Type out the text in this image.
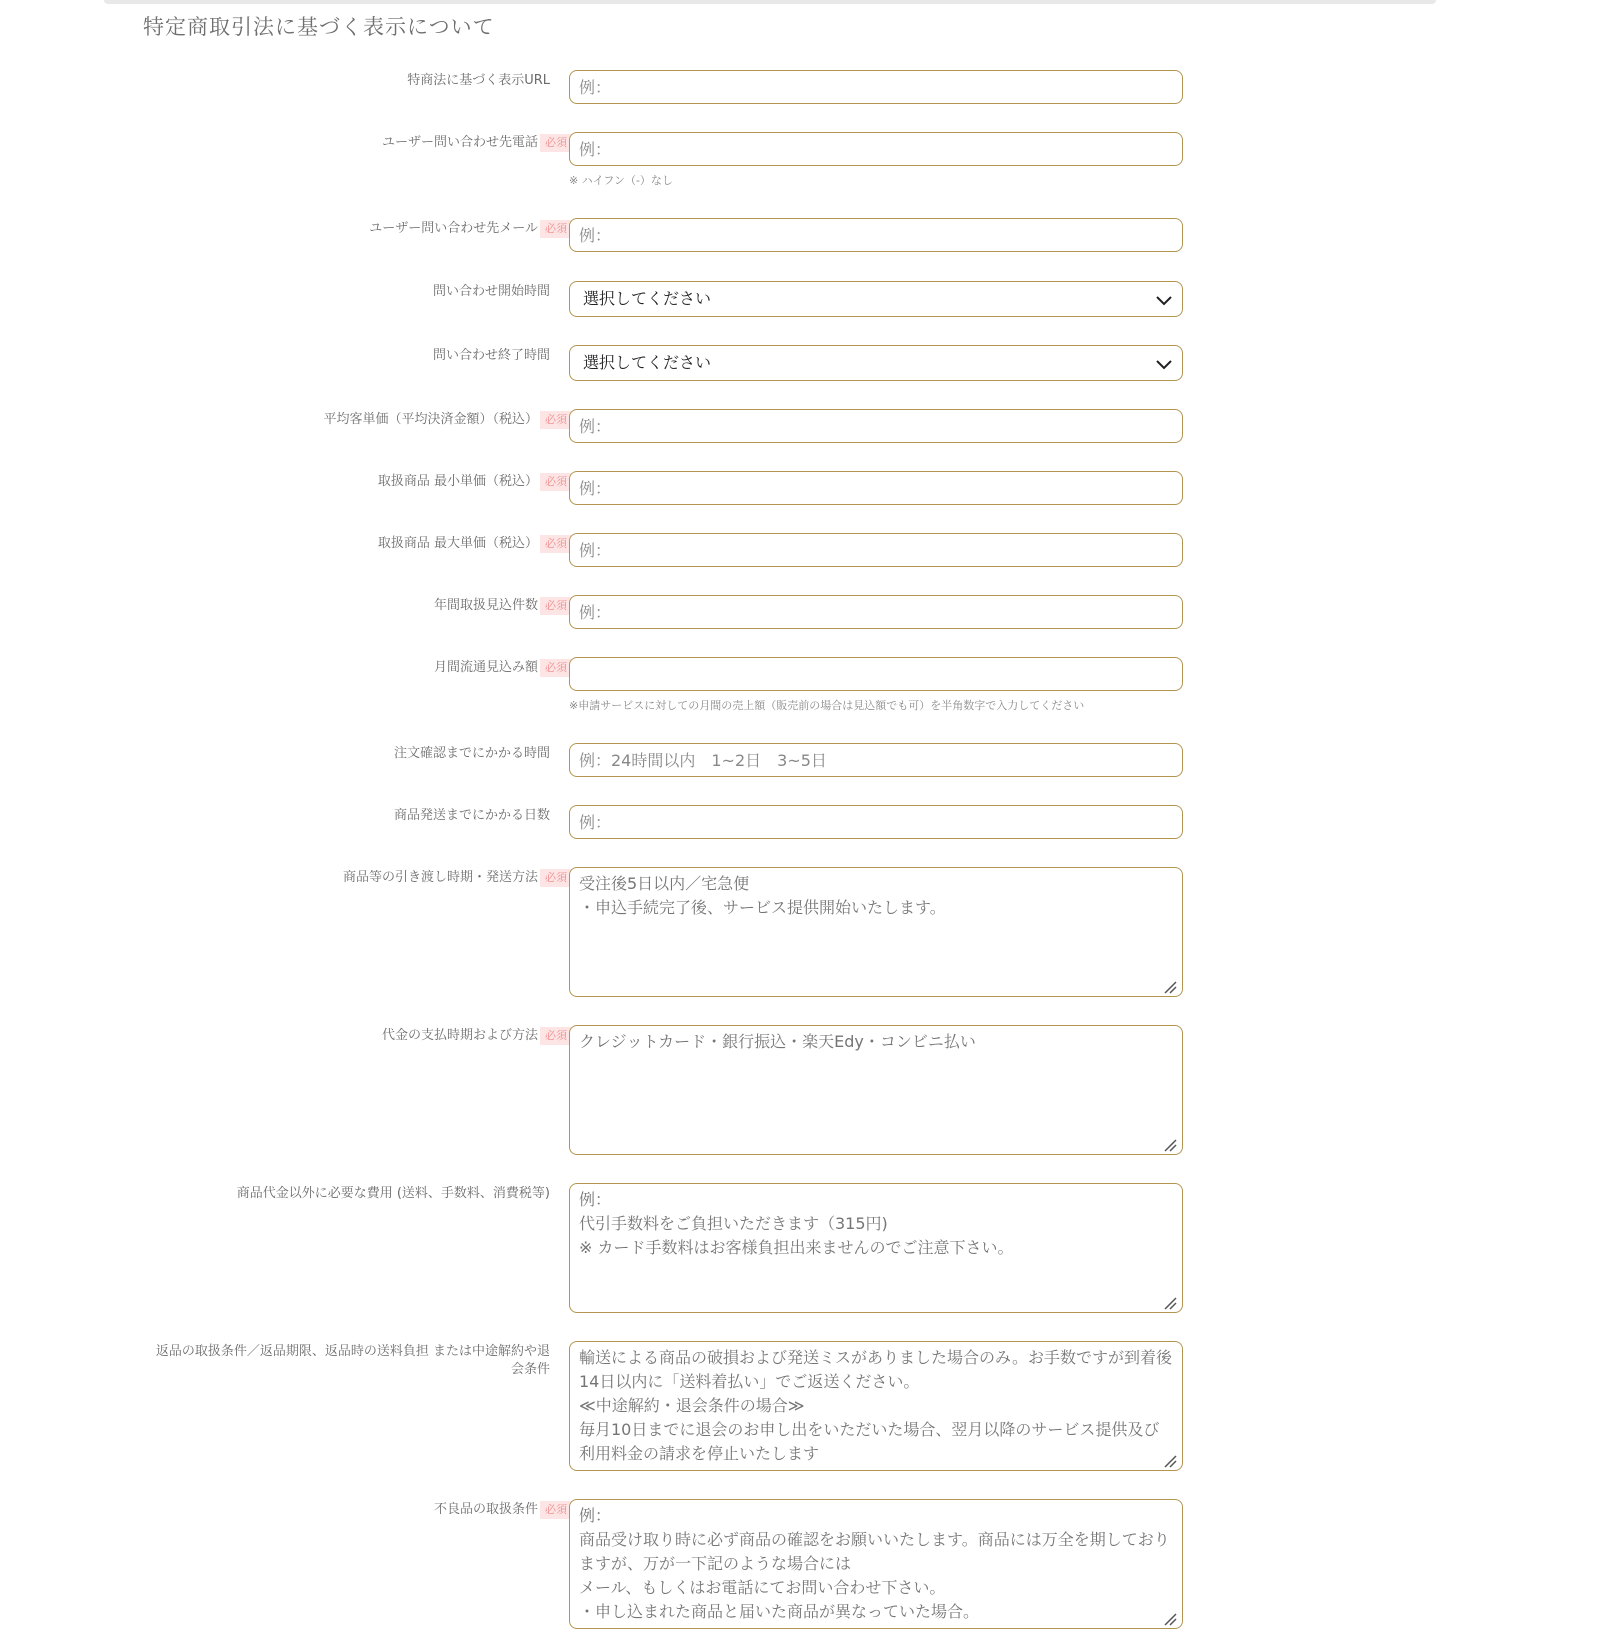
特定商取引法に基づく表示について
特商法に基づく表示URL
例：
ユーザー問い合わせ先電話 必須
例：
※ ハイフン（-）なし
ユーザー問い合わせ先メール 必須
例：
問い合わせ開始時間	選択してください
問い合わせ終了時間	選択してください
平均客単価（平均決済金額）（税込） 必須
例：
取扱商品 最小単価（税込） 必須
例：
取扱商品 最大単価（税込） 必須
例：
年間取扱見込件数 必須
例：
月間流通見込み額 必須
※申請サービスに対しての月間の売上額（販売前の場合は見込額でも可）を半角数字で入力してください
注文確認までにかかる時間
例：24時間以内　1~2日　3~5日
商品発送までにかかる日数
例：
商品等の引き渡し時期・発送方法 必須
受注後5日以内／宅急便 ・申込手続完了後、サービス提供開始いたします。
代金の支払時期および方法 必須
クレジットカード・銀行振込・楽天Edy・コンビニ払い
商品代金以外に必要な費用 (送料、手数料、消費税等)
例： 代引手数料をご負担いただきます（315円) ※ カード手数料はお客様負担出来ませんのでご注意下さい。
返品の取扱条件／返品期限、返品時の送料負担 または中途解約や退会条件
輸送による商品の破損および発送ミスがありました場合のみ。お手数ですが到着後14日以内に「送料着払い」でご返送ください。 ≪中途解約・退会条件の場合≫ 毎月10日までに退会のお申し出をいただいた場合、翌月以降のサービス提供及び利用料金の請求を停止いたします
不良品の取扱条件 必須
例： 商品受け取り時に必ず商品の確認をお願いいたします。商品には万全を期しておりますが、万が一下記のような場合には メール、もしくはお電話にてお問い合わせ下さい。 ・申し込まれた商品と届いた商品が異なっていた場合。
